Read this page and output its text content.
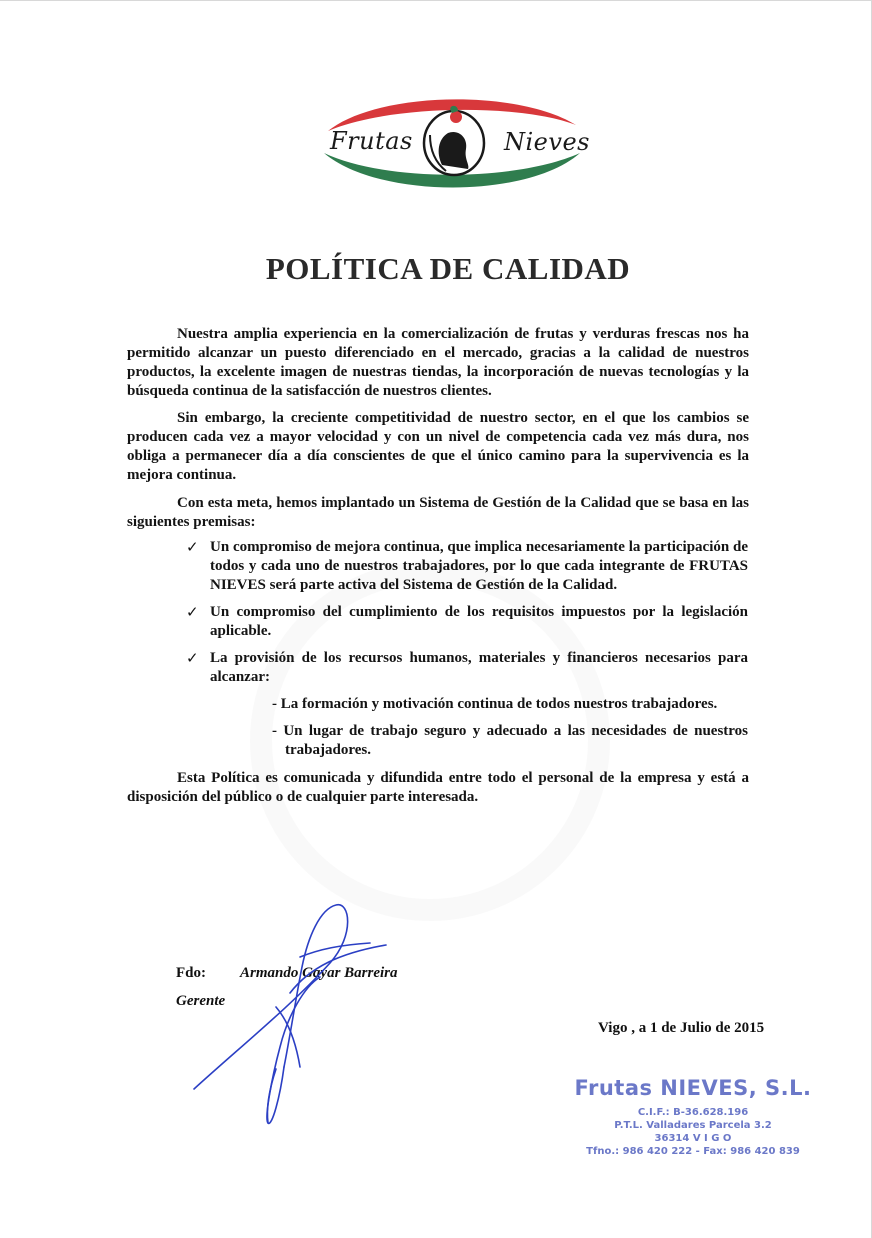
Frutas	Nieves
POLÍTICA DE CALIDAD

Nuestra amplia experiencia en la comercialización de frutas y verduras frescas nos ha permitido alcanzar un puesto diferenciado en el mercado, gracias a la calidad de nuestros productos, la excelente imagen de nuestras tiendas, la incorporación de nuevas tecnologías y la búsqueda continua de la satisfacción de nuestros clientes.

Sin embargo, la creciente competitividad de nuestro sector, en el que los cambios se producen cada vez a mayor velocidad y con un nivel de competencia cada vez más dura, nos obliga a permanecer día a día conscientes de que el único camino para la supervivencia es la mejora continua.

Con esta meta, hemos implantado un Sistema de Gestión de la Calidad que se basa en las siguientes premisas:

✓ Un compromiso de mejora continua, que implica necesariamente la participación de todos y cada uno de nuestros trabajadores, por lo que cada integrante de FRUTAS NIEVES será parte activa del Sistema de Gestión de la Calidad.
✓ Un compromiso del cumplimiento de los requisitos impuestos por la legislación aplicable.
✓ La provisión de los recursos humanos, materiales y financieros necesarios para alcanzar:
- La formación y motivación continua de todos nuestros trabajadores.
- Un lugar de trabajo seguro y adecuado a las necesidades de nuestros trabajadores.

Esta Política es comunicada y difundida entre todo el personal de la empresa y está a disposición del público o de cualquier parte interesada.

Fdo: Armando Gayar Barreira
Gerente
Vigo , a 1 de Julio de 2015
Frutas NIEVES, S.L.
C.I.F.: B-36.628.196
P.T.L. Valladares Parcela 3.2
36314 V I G O
Tfno.: 986 420 222 - Fax: 986 420 839
